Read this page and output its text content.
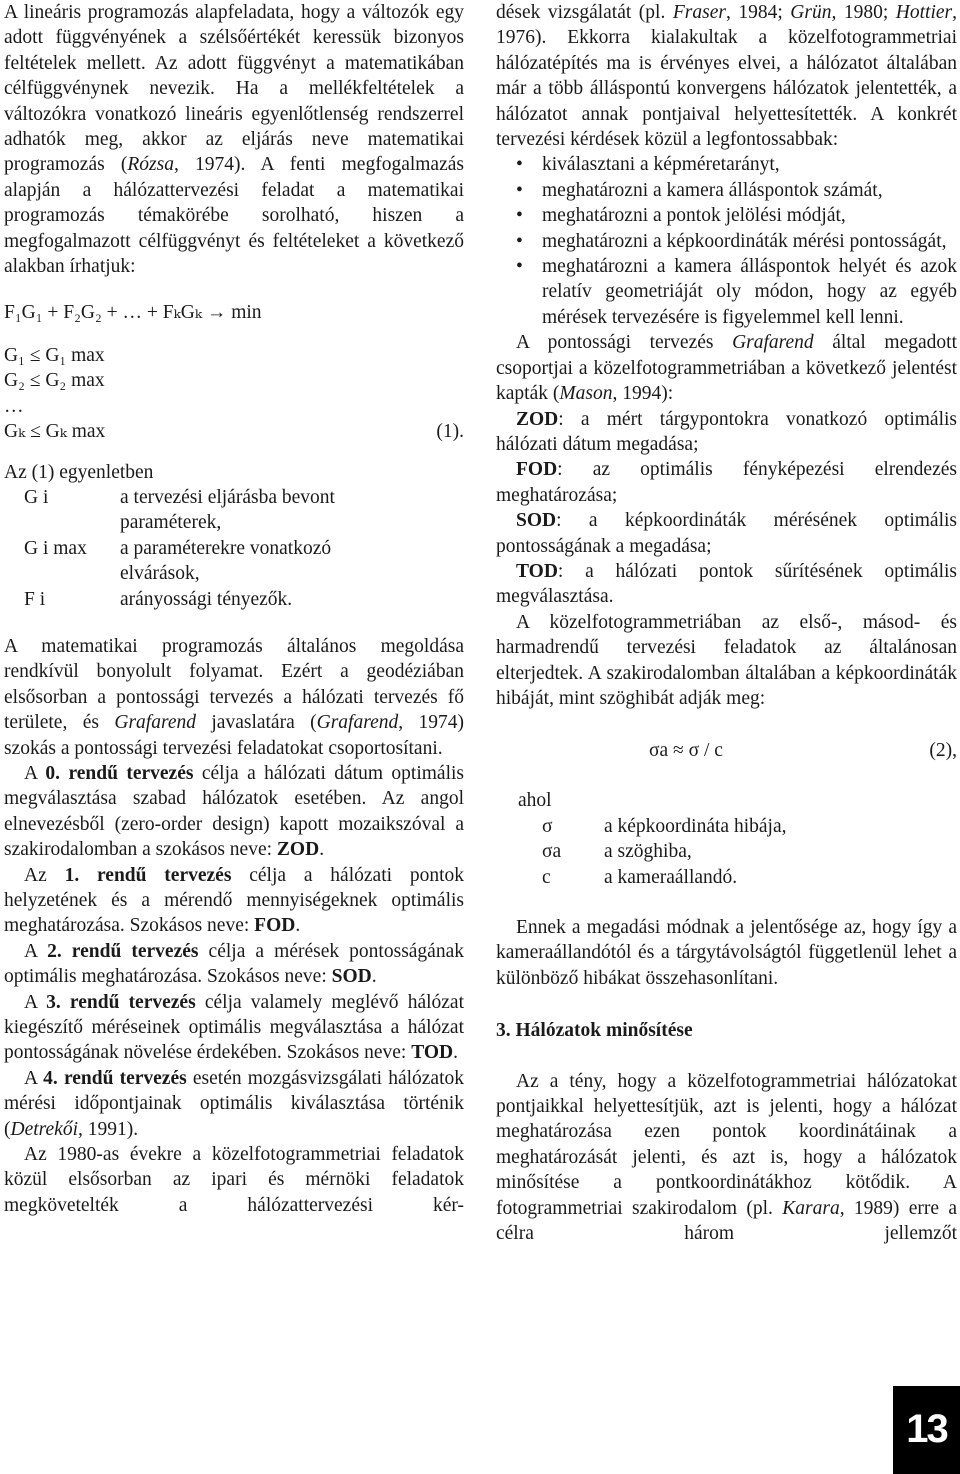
A lineáris programozás alapfeladata, hogy a változók egy adott függvényének a szélsőértékét keressük bizonyos feltételek mellett. Az adott függvényt a matematikában célfüggvénynek nevezik. Ha a mellékfeltételek a változókra vonatkozó lineáris egyenlőtlenség rendszerrel adhatók meg, akkor az eljárás neve matematikai programozás (Rózsa, 1974). A fenti megfogalmazás alapján a hálózattervezési feladat a matematikai programozás témakörébe sorolható, hiszen a megfogalmazott célfüggvényt és feltételeket a következő alakban írhatjuk:

F₁G₁ + F₂G₂ + … + FₖGₖ → min
G₁ ≤ G₁ max
G₂ ≤ G₂ max
…
Gₖ ≤ Gₖ max	(1).

Az (1) egyenletben

G i	a tervezési eljárásba bevont paraméterek,
G i max	a paraméterekre vonatkozó elvárások,
F i	arányossági tényezők.

A matematikai programozás általános megoldása rendkívül bonyolult folyamat. Ezért a geodéziában elsősorban a pontossági tervezés a hálózati tervezés fő területe, és Grafarend javaslatára (Grafarend, 1974) szokás a pontossági tervezési feladatokat csoportosítani.

A 0. rendű tervezés célja a hálózati dátum optimális megválasztása szabad hálózatok esetében. Az angol elnevezésből (zero-order design) kapott mozaikszóval a szakirodalomban a szokásos neve: ZOD.

Az 1. rendű tervezés célja a hálózati pontok helyzetének és a mérendő mennyiségeknek optimális meghatározása. Szokásos neve: FOD.

A 2. rendű tervezés célja a mérések pontosságának optimális meghatározása. Szokásos neve: SOD.

A 3. rendű tervezés célja valamely meglévő hálózat kiegészítő méréseinek optimális megválasztása a hálózat pontosságának növelése érdekében. Szokásos neve: TOD.

A 4. rendű tervezés esetén mozgásvizsgálati hálózatok mérési időpontjainak optimális kiválasztása történik (Detrekői, 1991).

Az 1980-as évekre a közelfotogrammetriai feladatok közül elsősorban az ipari és mérnöki feladatok megkövetelték a hálózattervezési kér-

dések vizsgálatát (pl. Fraser, 1984; Grün, 1980; Hottier, 1976). Ekkorra kialakultak a közelfotogrammetriai hálózatépítés ma is érvényes elvei, a hálózatot általában már a több álláspontú konvergens hálózatok jelentették, a hálózatot annak pontjaival helyettesítették. A konkrét tervezési kérdések közül a legfontossabbak:

• kiválasztani a képméretarányt,
• meghatározni a kamera álláspontok számát,
• meghatározni a pontok jelölési módját,
• meghatározni a képkoordináták mérési pontosságát,
• meghatározni a kamera álláspontok helyét és azok relatív geometriáját oly módon, hogy az egyéb mérések tervezésére is figyelemmel kell lenni.

A pontossági tervezés Grafarend által megadott csoportjai a közelfotogrammetriában a következő jelentést kapták (Mason, 1994):

ZOD: a mért tárgypontokra vonatkozó optimális hálózati dátum megadása;

FOD: az optimális fényképezési elrendezés meghatározása;

SOD: a képkoordináták mérésének optimális pontosságának a megadása;

TOD: a hálózati pontok sűrítésének optimális megválasztása.

A közelfotogrammetriában az első-, másod- és harmadrendű tervezési feladatok az általánosan elterjedtek. A szakirodalomban általában a képkoordináták hibáját, mint szöghibát adják meg:

σa ≈ σ / c	(2),

ahol

σ	a képkoordináta hibája,
σa	a szöghiba,
c	a kameraállandó.

Ennek a megadási módnak a jelentősége az, hogy így a kameraállandótól és a tárgytávolságtól függetlenül lehet a különböző hibákat összehasonlítani.

3. Hálózatok minősítése

Az a tény, hogy a közelfotogrammetriai hálózatokat pontjaikkal helyettesítjük, azt is jelenti, hogy a hálózat meghatározása ezen pontok koordinátáinak a meghatározását jelenti, és azt is, hogy a hálózatok minősítése a pontkoordinátákhoz kötődik. A fotogrammetriai szakirodalom (pl. Karara, 1989) erre a célra három jellemzőt

13
